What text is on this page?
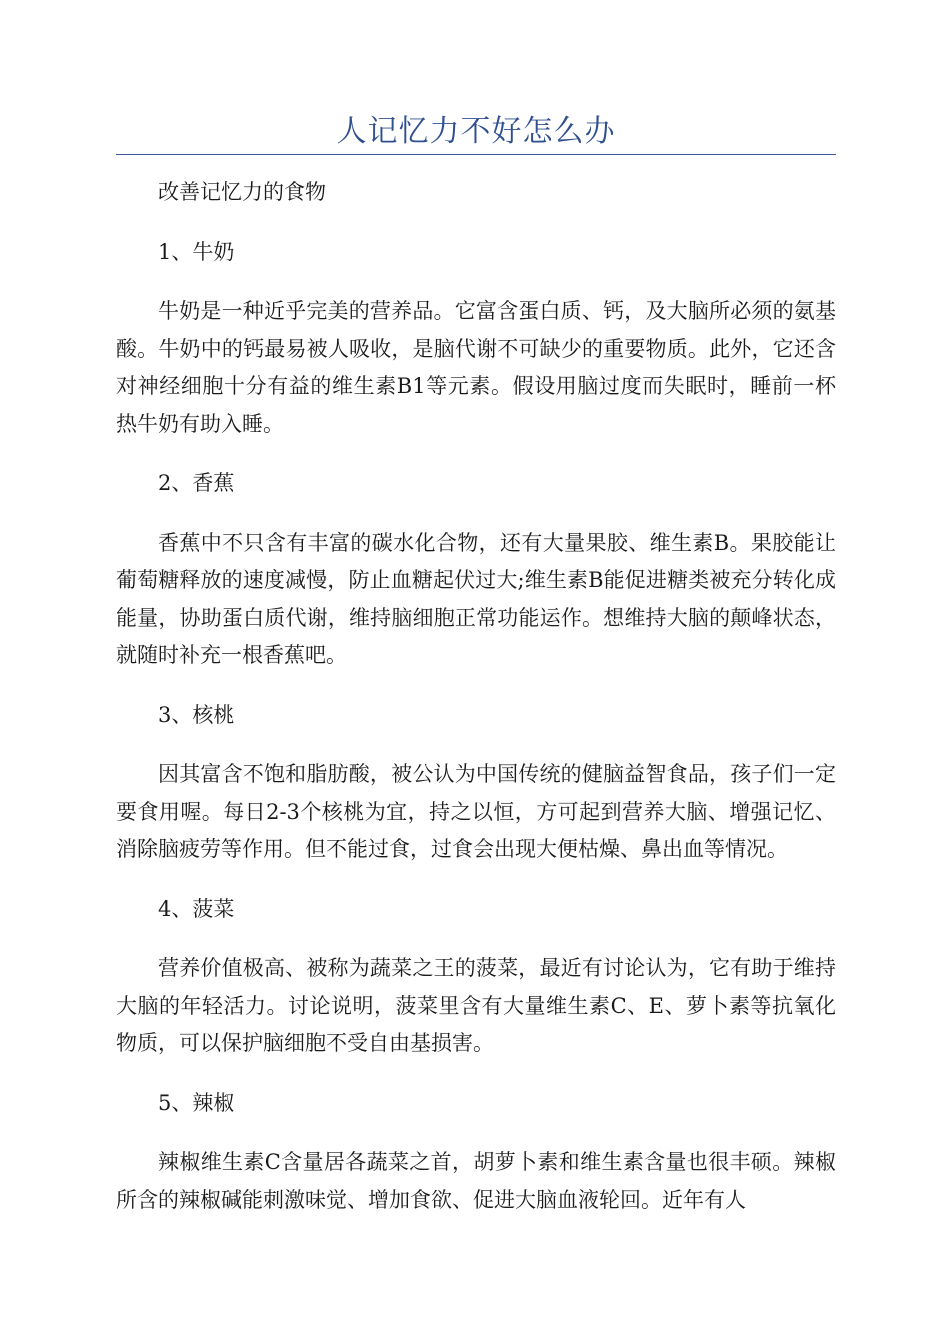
人记忆力不好怎么办

改善记忆力的食物

1、牛奶

牛奶是一种近乎完美的营养品。它富含蛋白质、钙，及大脑所必须的氨基酸。牛奶中的钙最易被人吸收，是脑代谢不可缺少的重要物质。此外，它还含对神经细胞十分有益的维生素B1等元素。假设用脑过度而失眠时，睡前一杯热牛奶有助入睡。

2、香蕉

香蕉中不只含有丰富的碳水化合物，还有大量果胶、维生素B。果胶能让葡萄糖释放的速度减慢，防止血糖起伏过大;维生素B能促进糖类被充分转化成能量，协助蛋白质代谢，维持脑细胞正常功能运作。想维持大脑的颠峰状态，就随时补充一根香蕉吧。

3、核桃

因其富含不饱和脂肪酸，被公认为中国传统的健脑益智食品，孩子们一定要食用喔。每日2-3个核桃为宜，持之以恒，方可起到营养大脑、增强记忆、消除脑疲劳等作用。但不能过食，过食会出现大便枯燥、鼻出血等情况。

4、菠菜

营养价值极高、被称为蔬菜之王的菠菜，最近有讨论认为，它有助于维持大脑的年轻活力。讨论说明，菠菜里含有大量维生素C、E、萝卜素等抗氧化物质，可以保护脑细胞不受自由基损害。

5、辣椒

辣椒维生素C含量居各蔬菜之首，胡萝卜素和维生素含量也很丰硕。辣椒所含的辣椒碱能刺激味觉、增加食欲、促进大脑血液轮回。近年有人
